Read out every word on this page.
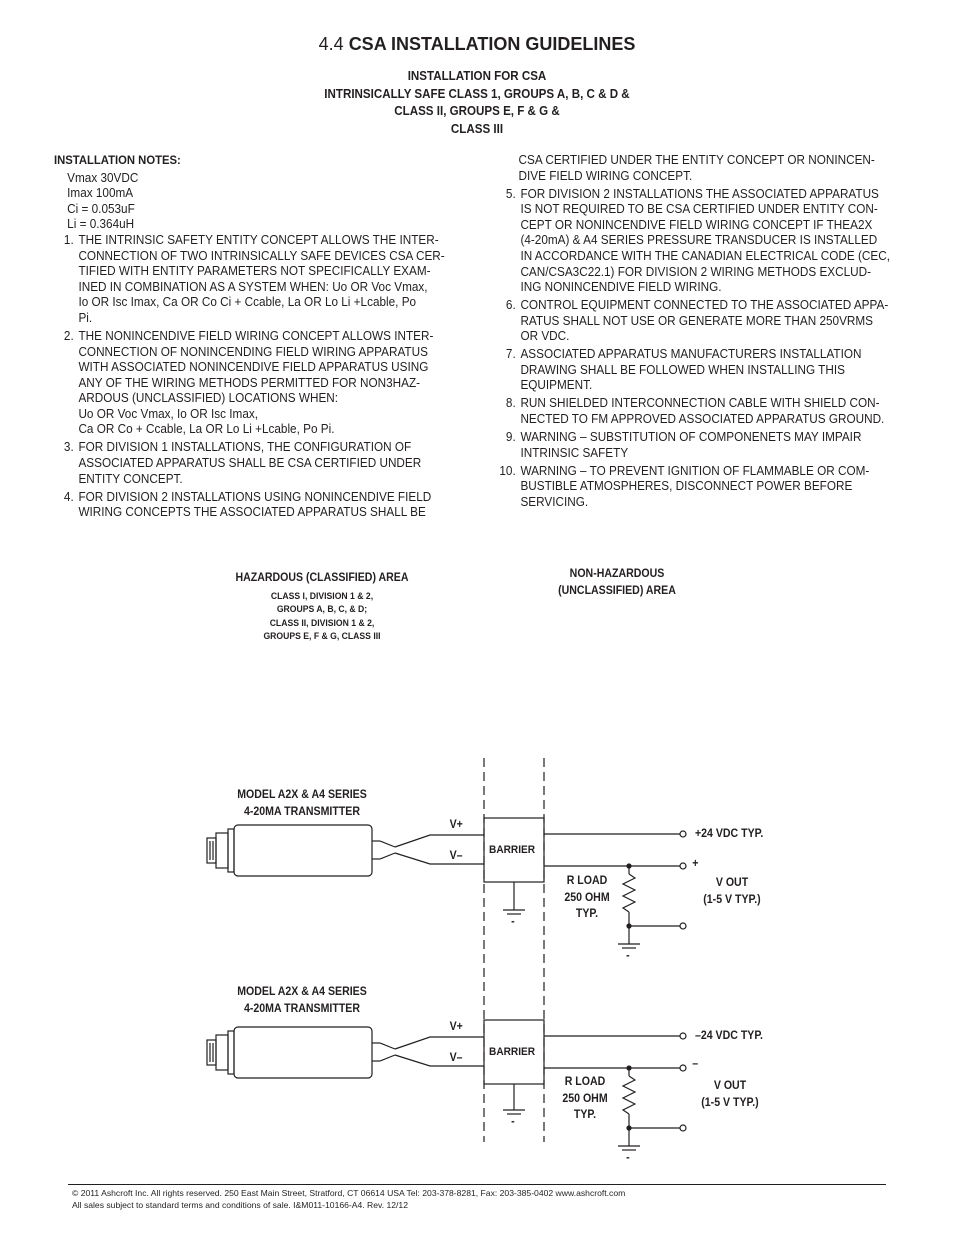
4.4 CSA INSTALLATION GUIDELINES
INSTALLATION FOR CSA
INTRINSICALLY SAFE CLASS 1, GROUPS A, B, C & D &
CLASS II, GROUPS E, F & G &
CLASS III
INSTALLATION NOTES:
Vmax 30VDC
Imax 100mA
Ci = 0.053uF
Li = 0.364uH
1. THE INTRINSIC SAFETY ENTITY CONCEPT ALLOWS THE INTER-
CONNECTION OF TWO INTRINSICALLY SAFE DEVICES CSA CER-
TIFIED WITH ENTITY PARAMETERS NOT SPECIFICALLY EXAM-
INED IN COMBINATION AS A SYSTEM WHEN: Uo OR Voc Vmax,
Io OR Isc Imax, Ca OR Co Ci + Ccable, La OR Lo Li +Lcable, Po
Pi.
2. THE NONINCENDIVE FIELD WIRING CONCEPT ALLOWS INTER-
CONNECTION OF NONINCENDING FIELD WIRING APPARATUS
WITH ASSOCIATED NONINCENDIVE FIELD APPARATUS USING
ANY OF THE WIRING METHODS PERMITTED FOR NON3HAZ-
ARDOUS (UNCLASSIFIED) LOCATIONS WHEN:
Uo OR Voc Vmax, Io OR Isc Imax,
Ca OR Co + Ccable, La OR Lo Li +Lcable, Po Pi.
3. FOR DIVISION 1 INSTALLATIONS, THE CONFIGURATION OF
ASSOCIATED APPARATUS SHALL BE CSA CERTIFIED UNDER
ENTITY CONCEPT.
4. FOR DIVISION 2 INSTALLATIONS USING NONINCENDIVE FIELD
WIRING CONCEPTS THE ASSOCIATED APPARATUS SHALL BE
CSA CERTIFIED UNDER THE ENTITY CONCEPT OR NONINCEN-
DIVE FIELD WIRING CONCEPT.
5. FOR DIVISION 2 INSTALLATIONS THE ASSOCIATED APPARATUS
IS NOT REQUIRED TO BE CSA CERTIFIED UNDER ENTITY CON-
CEPT OR NONINCENDIVE FIELD WIRING CONCEPT IF THEA2X
(4-20mA) & A4 SERIES PRESSURE TRANSDUCER IS INSTALLED
IN ACCORDANCE WITH THE CANADIAN ELECTRICAL CODE (CEC,
CAN/CSA3C22.1) FOR DIVISION 2 WIRING METHODS EXCLUD-
ING NONINCENDIVE FIELD WIRING.
6. CONTROL EQUIPMENT CONNECTED TO THE ASSOCIATED APPA-
RATUS SHALL NOT USE OR GENERATE MORE THAN 250VRMS
OR VDC.
7. ASSOCIATED APPARATUS MANUFACTURERS INSTALLATION
DRAWING SHALL BE FOLLOWED WHEN INSTALLING THIS
EQUIPMENT.
8. RUN SHIELDED INTERCONNECTION CABLE WITH SHIELD CON-
NECTED TO FM APPROVED ASSOCIATED APPARATUS GROUND.
9. WARNING – SUBSTITUTION OF COMPONENETS MAY IMPAIR
INTRINSIC SAFETY
10. WARNING – TO PREVENT IGNITION OF FLAMMABLE OR COM-
BUSTIBLE ATMOSPHERES, DISCONNECT POWER BEFORE
SERVICING.
HAZARDOUS (CLASSIFIED) AREA
CLASS I, DIVISION 1 & 2,
GROUPS A, B, C, & D;
CLASS II, DIVISION 1 & 2,
GROUPS E, F & G, CLASS III
NON-HAZARDOUS
(UNCLASSIFIED) AREA
MODEL A2X & A4 SERIES
4-20MA TRANSMITTER
V+
V– BARRIER
+24 VDC TYP.
+
R LOAD
250 OHM
TYP.
V OUT
(1-5 V TYP.)
-
-
MODEL A2X & A4 SERIES
4-20MA TRANSMITTER
V+
V– BARRIER
–24 VDC TYP.
–
R LOAD
250 OHM
TYP.
V OUT
(1-5 V TYP.)
-
-
© 2011 Ashcroft Inc. All rights reserved. 250 East Main Street, Stratford, CT 06614 USA Tel: 203-378-8281, Fax: 203-385-0402 www.ashcroft.com
All sales subject to standard terms and conditions of sale. I&M011-10166-A4. Rev. 12/12
